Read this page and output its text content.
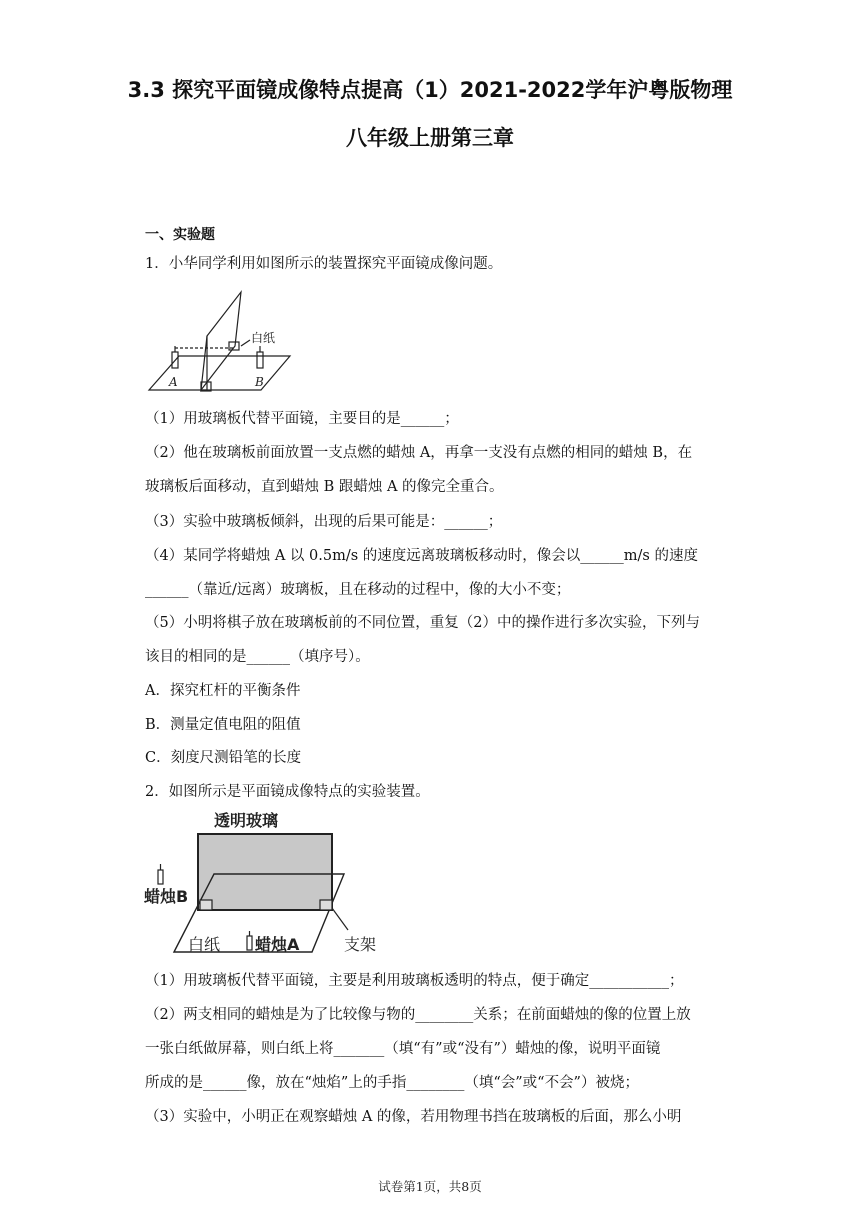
3.3 探究平面镜成像特点提高（1）2021-2022学年沪粤版物理
八年级上册第三章
一、实验题
1．小华同学利用如图所示的装置探究平面镜成像问题。
白纸
A	B
（1）用玻璃板代替平面镜，主要目的是______；
（2）他在玻璃板前面放置一支点燃的蜡烛 A，再拿一支没有点燃的相同的蜡烛 B，在
玻璃板后面移动，直到蜡烛 B 跟蜡烛 A 的像完全重合。
（3）实验中玻璃板倾斜，出现的后果可能是：______；
（4）某同学将蜡烛 A 以 0.5m/s 的速度远离玻璃板移动时，像会以______m/s 的速度
______（靠近/远离）玻璃板，且在移动的过程中，像的大小不变；
（5）小明将棋子放在玻璃板前的不同位置，重复（2）中的操作进行多次实验，下列与
该目的相同的是______（填序号）。
A．探究杠杆的平衡条件
B．测量定值电阻的阻值
C．刻度尺测铅笔的长度
2．如图所示是平面镜成像特点的实验装置。
透明玻璃
蜡烛B
白纸 蜡烛A	支架
（1）用玻璃板代替平面镜，主要是利用玻璃板透明的特点，便于确定___________；
（2）两支相同的蜡烛是为了比较像与物的________关系；在前面蜡烛的像的位置上放
一张白纸做屏幕，则白纸上将_______（填“有”或“没有”）蜡烛的像，说明平面镜
所成的是______像，放在“烛焰”上的手指________（填“会”或“不会”）被烧；
（3）实验中，小明正在观察蜡烛 A 的像，若用物理书挡在玻璃板的后面，那么小明
试卷第1页，共8页
